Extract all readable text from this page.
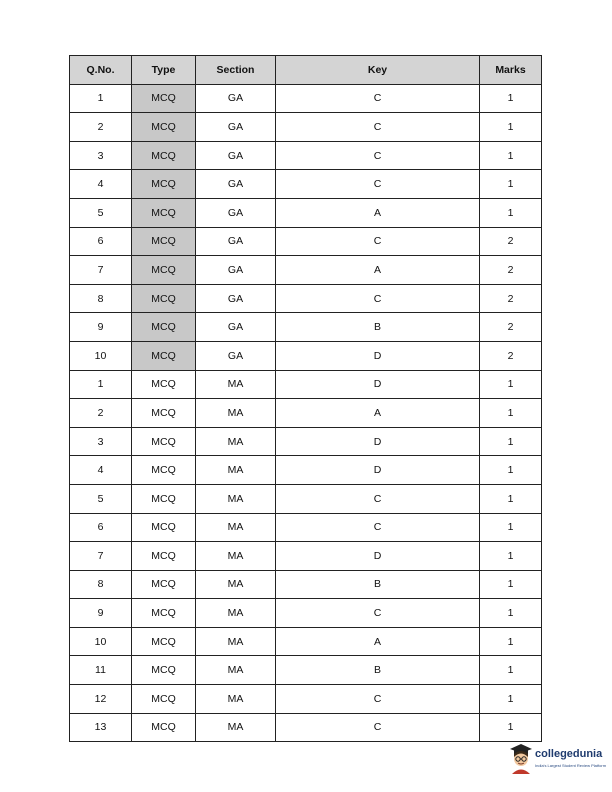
Q.No.	Type	Section	Key	Marks
1	MCQ	GA	C	1
2	MCQ	GA	C	1
3	MCQ	GA	C	1
4	MCQ	GA	C	1
5	MCQ	GA	A	1
6	MCQ	GA	C	2
7	MCQ	GA	A	2
8	MCQ	GA	C	2
9	MCQ	GA	B	2
10	MCQ	GA	D	2
1	MCQ	MA	D	1
2	MCQ	MA	A	1
3	MCQ	MA	D	1
4	MCQ	MA	D	1
5	MCQ	MA	C	1
6	MCQ	MA	C	1
7	MCQ	MA	D	1
8	MCQ	MA	B	1
9	MCQ	MA	C	1
10	MCQ	MA	A	1
11	MCQ	MA	B	1
12	MCQ	MA	C	1
13	MCQ	MA	C	1
collegedunia
India's Largest Student Review Platform
